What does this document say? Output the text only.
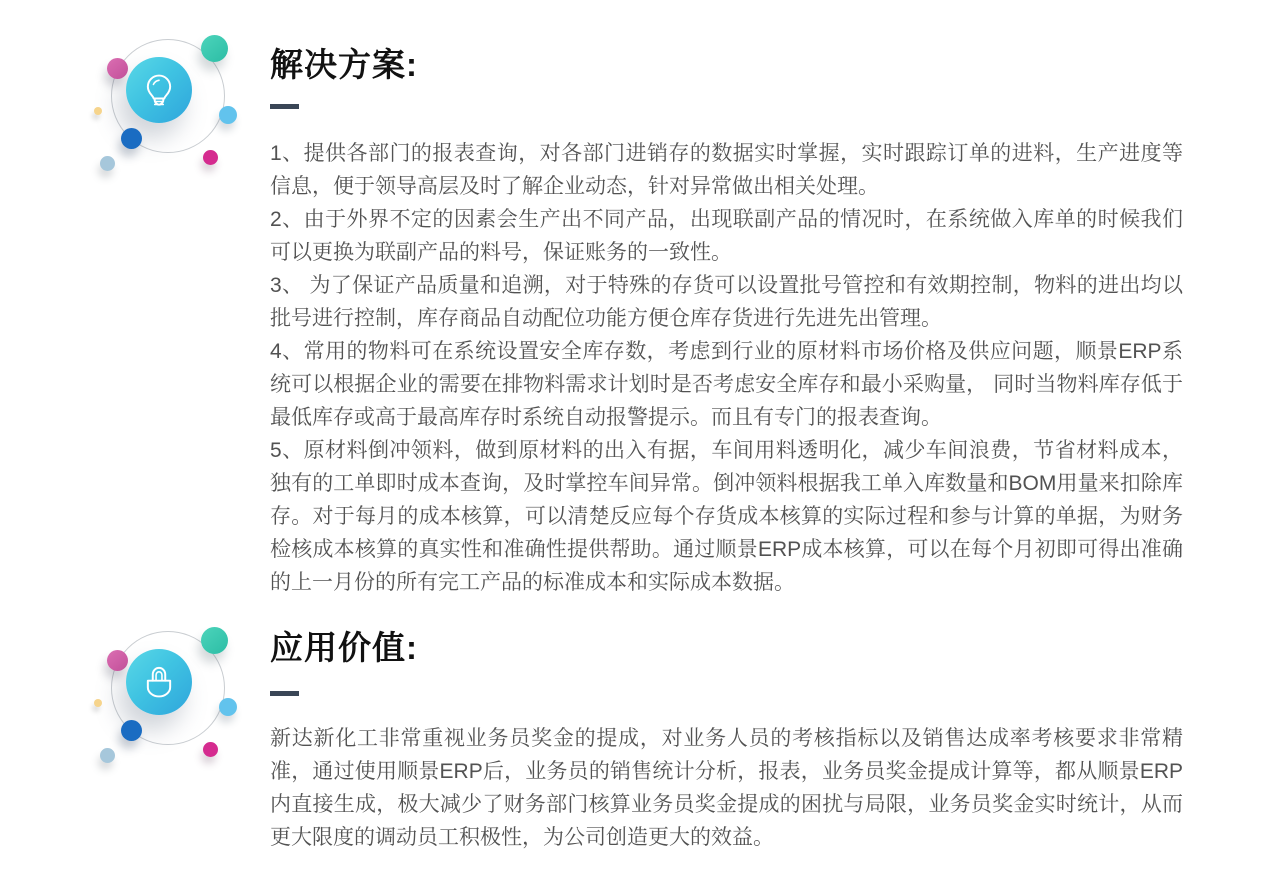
解决方案:

1、提供各部门的报表查询，对各部门进销存的数据实时掌握，实时跟踪订单的进料，生产进度等信息，便于领导高层及时了解企业动态，针对异常做出相关处理。

2、由于外界不定的因素会生产出不同产品，出现联副产品的情况时，在系统做入库单的时候我们可以更换为联副产品的料号，保证账务的一致性。

3、 为了保证产品质量和追溯，对于特殊的存货可以设置批号管控和有效期控制，物料的进出均以批号进行控制，库存商品自动配位功能方便仓库存货进行先进先出管理。

4、常用的物料可在系统设置安全库存数，考虑到行业的原材料市场价格及供应问题，顺景ERP系统可以根据企业的需要在排物料需求计划时是否考虑安全库存和最小采购量， 同时当物料库存低于最低库存或高于最高库存时系统自动报警提示。而且有专门的报表查询。

5、原材料倒冲领料，做到原材料的出入有据，车间用料透明化，减少车间浪费，节省材料成本，独有的工单即时成本查询，及时掌控车间异常。倒冲领料根据我工单入库数量和BOM用量来扣除库存。对于每月的成本核算，可以清楚反应每个存货成本核算的实际过程和参与计算的单据，为财务检核成本核算的真实性和准确性提供帮助。通过顺景ERP成本核算，可以在每个月初即可得出准确的上一月份的所有完工产品的标准成本和实际成本数据。

应用价值:

新达新化工非常重视业务员奖金的提成，对业务人员的考核指标以及销售达成率考核要求非常精准，通过使用顺景ERP后，业务员的销售统计分析，报表，业务员奖金提成计算等，都从顺景ERP内直接生成，极大减少了财务部门核算业务员奖金提成的困扰与局限，业务员奖金实时统计，从而更大限度的调动员工积极性，为公司创造更大的效益。
